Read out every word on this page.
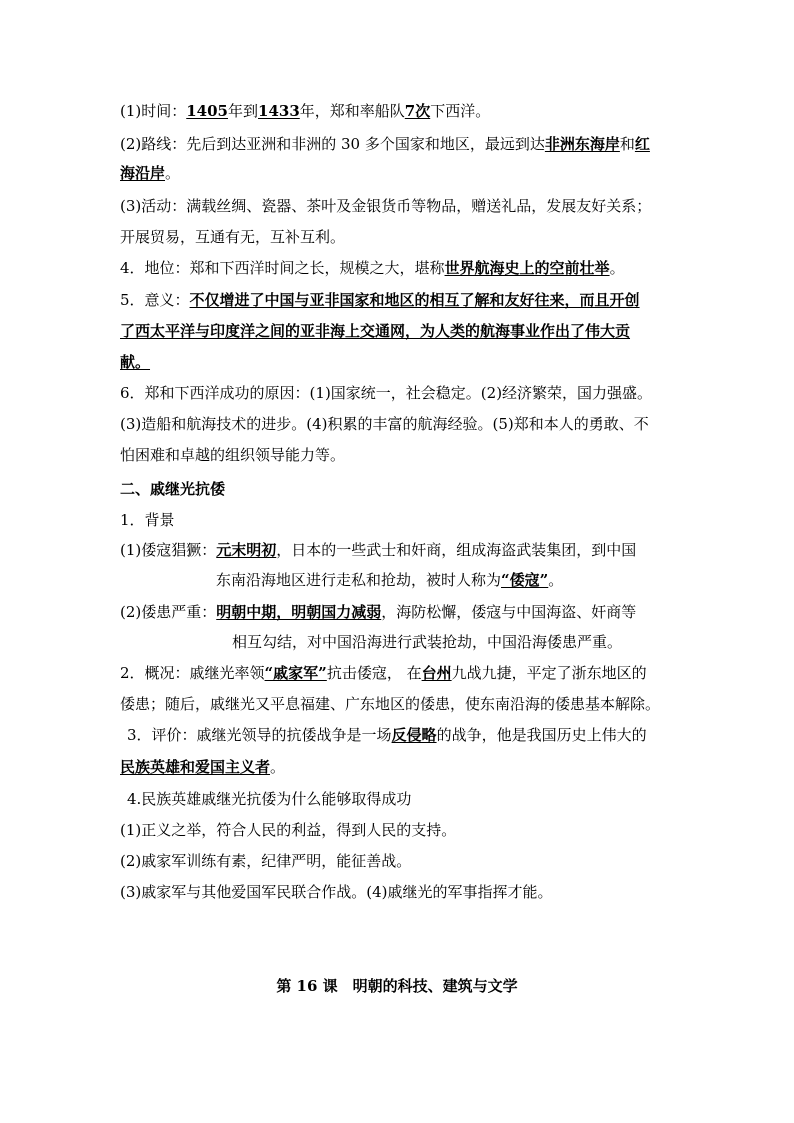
(1)时间：1405年到1433年，郑和率船队7次下西洋。
(2)路线：先后到达亚洲和非洲的 30 多个国家和地区，最远到达非洲东海岸和红
海沿岸。
(3)活动：满载丝绸、瓷器、茶叶及金银货币等物品，赠送礼品，发展友好关系；
开展贸易，互通有无，互补互利。
4．地位：郑和下西洋时间之长，规模之大，堪称世界航海史上的空前壮举。
5．意义：不仅增进了中国与亚非国家和地区的相互了解和友好往来，而且开创
了西太平洋与印度洋之间的亚非海上交通网，为人类的航海事业作出了伟大贡
献。
6．郑和下西洋成功的原因：(1)国家统一，社会稳定。(2)经济繁荣，国力强盛。
(3)造船和航海技术的进步。(4)积累的丰富的航海经验。(5)郑和本人的勇敢、不
怕困难和卓越的组织领导能力等。
二、戚继光抗倭
1．背景
(1)倭寇猖獗：元末明初，日本的一些武士和奸商，组成海盗武装集团，到中国
东南沿海地区进行走私和抢劫，被时人称为“倭寇”。
(2)倭患严重：明朝中期，明朝国力减弱，海防松懈，倭寇与中国海盗、奸商等
相互勾结，对中国沿海进行武装抢劫，中国沿海倭患严重。
2．概况：戚继光率领“戚家军”抗击倭寇， 在台州九战九捷，平定了浙东地区的
倭患；随后，戚继光又平息福建、广东地区的倭患，使东南沿海的倭患基本解除。
3．评价：戚继光领导的抗倭战争是一场反侵略的战争，他是我国历史上伟大的
民族英雄和爱国主义者。
4.民族英雄戚继光抗倭为什么能够取得成功
(1)正义之举，符合人民的利益，得到人民的支持。
(2)戚家军训练有素，纪律严明，能征善战。
(3)戚家军与其他爱国军民联合作战。(4)戚继光的军事指挥才能。
第 16 课　明朝的科技、建筑与文学
